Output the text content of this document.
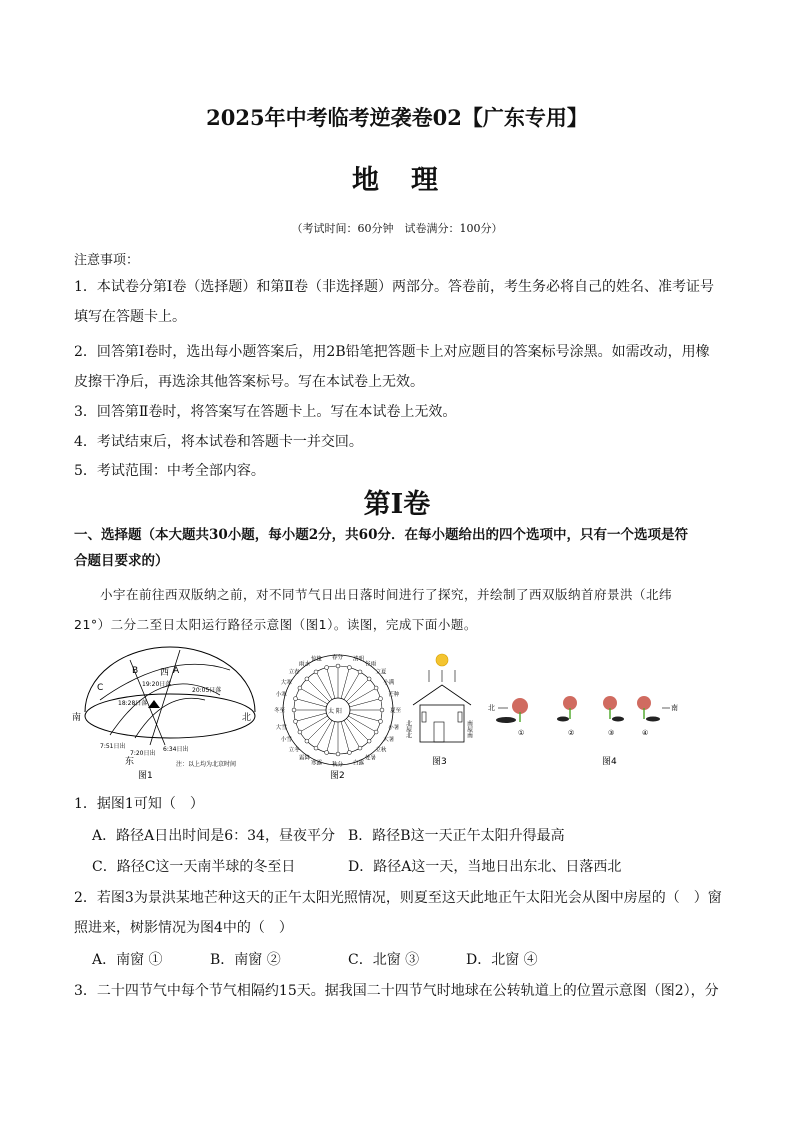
2025年中考临考逆袭卷02【广东专用】
地 理
（考试时间：60分钟　试卷满分：100分）
注意事项：
1．本试卷分第Ⅰ卷（选择题）和第Ⅱ卷（非选择题）两部分。答卷前，考生务必将自己的姓名、准考证号
填写在答题卡上。
2．回答第Ⅰ卷时，选出每小题答案后，用2B铅笔把答题卡上对应题目的答案标号涂黑。如需改动，用橡
皮擦干净后，再选涂其他答案标号。写在本试卷上无效。
3．回答第Ⅱ卷时，将答案写在答题卡上。写在本试卷上无效。
4．考试结束后，将本试卷和答题卡一并交回。
5．考试范围：中考全部内容。
第Ⅰ卷
一、选择题（本大题共30小题，每小题2分，共60分．在每小题给出的四个选项中，只有一个选项是符
合题目要求的）
小宇在前往西双版纳之前，对不同节气日出日落时间进行了探究，并绘制了西双版纳首府景洪（北纬
21°）二分二至日太阳运行路径示意图（图1）。读图，完成下面小题。
C
B 西 A
19:20日落
20:05日落
18:28日落
南	北
7:51日出
7:20日出
6:34日出
东	注：以上均为北京时间
图1
春分 清明
谷雨
立夏
小满
芒种
夏至
小暑
大暑
立秋
处暑
白露
秋分
寒露
霜降
立冬
小雪
大雪
冬至
小寒
大寒
立春
雨水
惊蛰
太 阳
图2
北屋北	南屋南
图3
北
①	②	③	④
南
图4
1．据图1可知（　）
A．路径A日出时间是6：34，昼夜平分 B．路径B这一天正午太阳升得最高
C．路径C这一天南半球的冬至日	D．路径A这一天，当地日出东北、日落西北
2．若图3为景洪某地芒种这天的正午太阳光照情况，则夏至这天此地正午太阳光会从图中房屋的（　）窗
照进来，树影情况为图4中的（　）
A．南窗 ①	B．南窗 ②	C．北窗 ③	D．北窗 ④
3．二十四节气中每个节气相隔约15天。据我国二十四节气时地球在公转轨道上的位置示意图（图2），分
